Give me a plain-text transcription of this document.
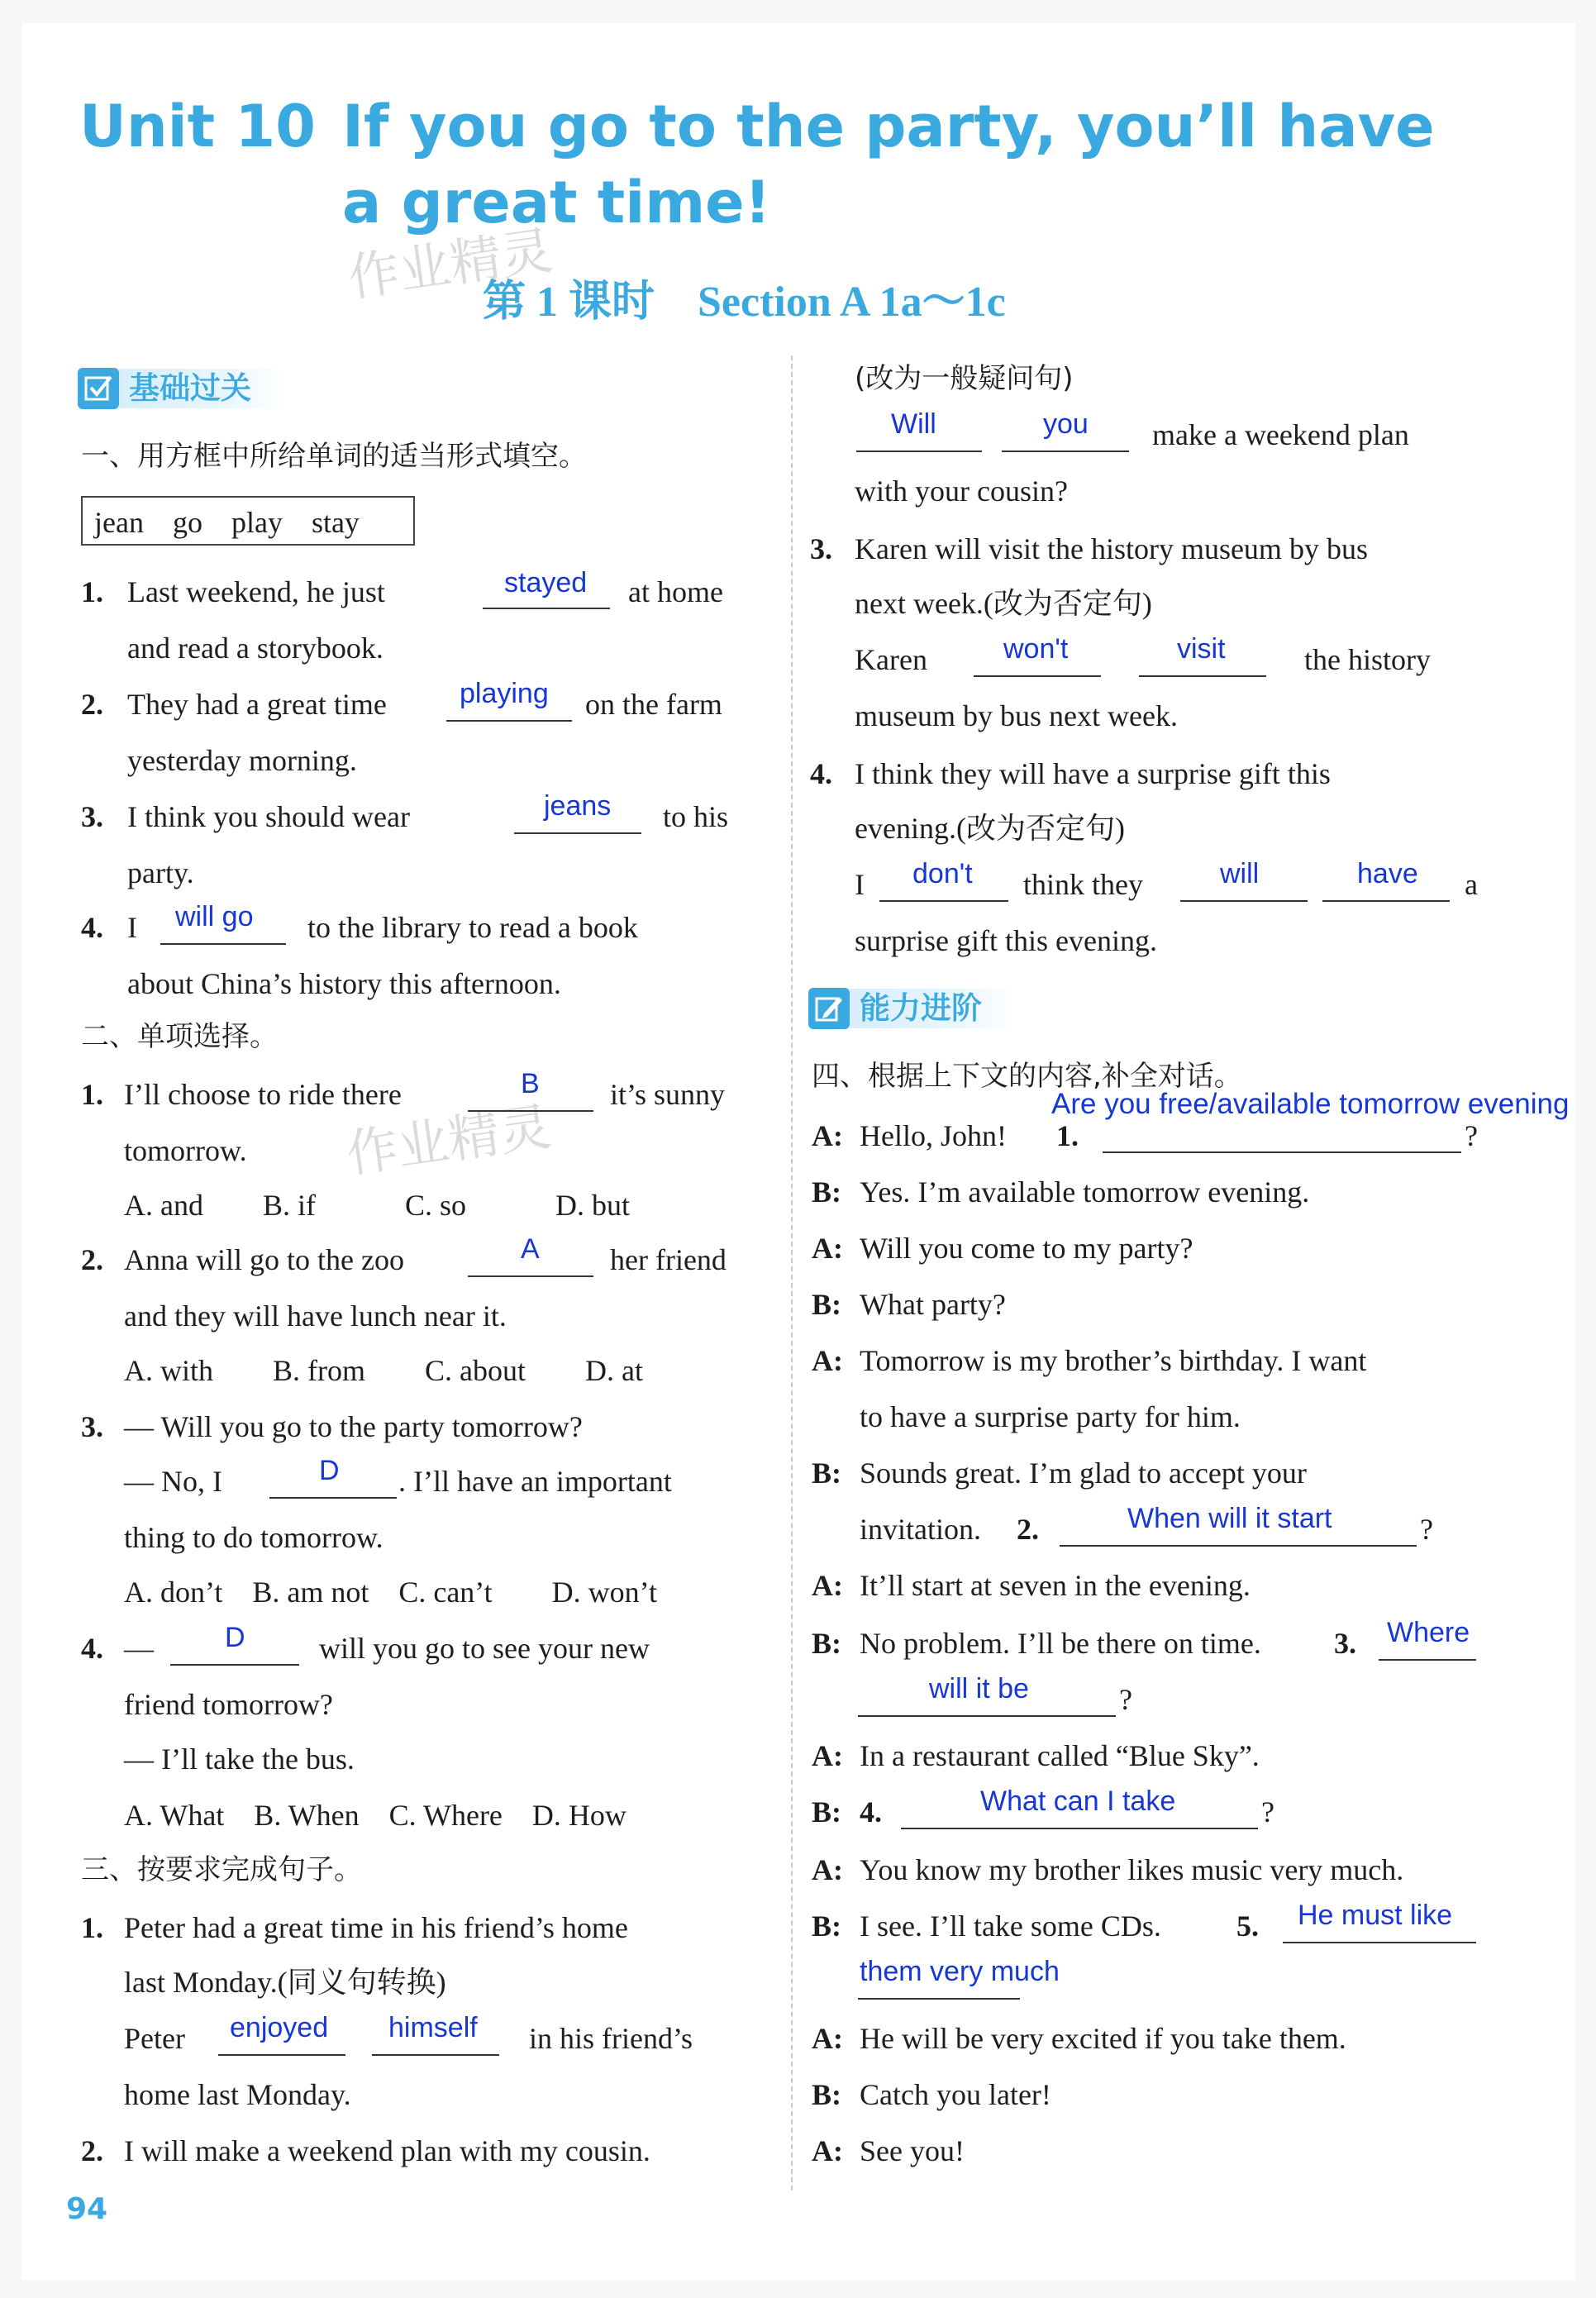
Unit 10 If you go to the party, you’ll have
a great time!
第 1 课时　Section A 1a～1c
作业精灵
作业精灵
基础过关
一、用方框中所给单词的适当形式填空。
jean go play stay
1. Last weekend, he just	stayed at home
and read a storybook.
2. They had a great time	playing on the farm
yesterday morning.
3. I think you should wear	jeans to his
party.
4. I will go to the library to read a book
about China’s history this afternoon.
二、单项选择。
1. I’ll choose to ride there	B it’s sunny
tomorrow.
A. and　　B. if　　　C. so　　　D. but
2. Anna will go to the zoo	A her friend
and they will have lunch near it.
A. with　　B. from　　C. about　　D. at
3. — Will you go to the party tomorrow?
— No, I	D . I’ll have an important
thing to do tomorrow.
A. don’t　B. am not　C. can’t　　D. won’t
4. —	D will you go to see your new
friend tomorrow?
— I’ll take the bus.
A. What　B. When　C. Where　D. How
三、按要求完成句子。
1. Peter had a great time in his friend’s home
last Monday.(同义句转换)
Peter enjoyed himself in his friend’s
home last Monday.
2. I will make a weekend plan with my cousin.
94
(改为一般疑问句)
Will	you make a weekend plan
with your cousin?
3. Karen will visit the history museum by bus
next week.(改为否定句)
Karen	won't	visit	the history
museum by bus next week.
4. I think they will have a surprise gift this
evening.(改为否定句)
I don't think they	will	have a
surprise gift this evening.
能力进阶
四、根据上下文的内容,补全对话。
A: Hello, John! 1.
Are you free/available tomorrow evening
?
B: Yes. I’m available tomorrow evening.
A: Will you come to my party?
B: What party?
A: Tomorrow is my brother’s birthday. I want
to have a surprise party for him.
B: Sounds great. I’m glad to accept your
invitation. 2.	When will it start	?
A: It’ll start at seven in the evening.
B: No problem. I’ll be there on time. 3. Where
will it be	?
A: In a restaurant called “Blue Sky”.
B: 4.	What can I take	?
A: You know my brother likes music very much.
B: I see. I’ll take some CDs.	5. He must like
them very much
A: He will be very excited if you take them.
B: Catch you later!
A: See you!
